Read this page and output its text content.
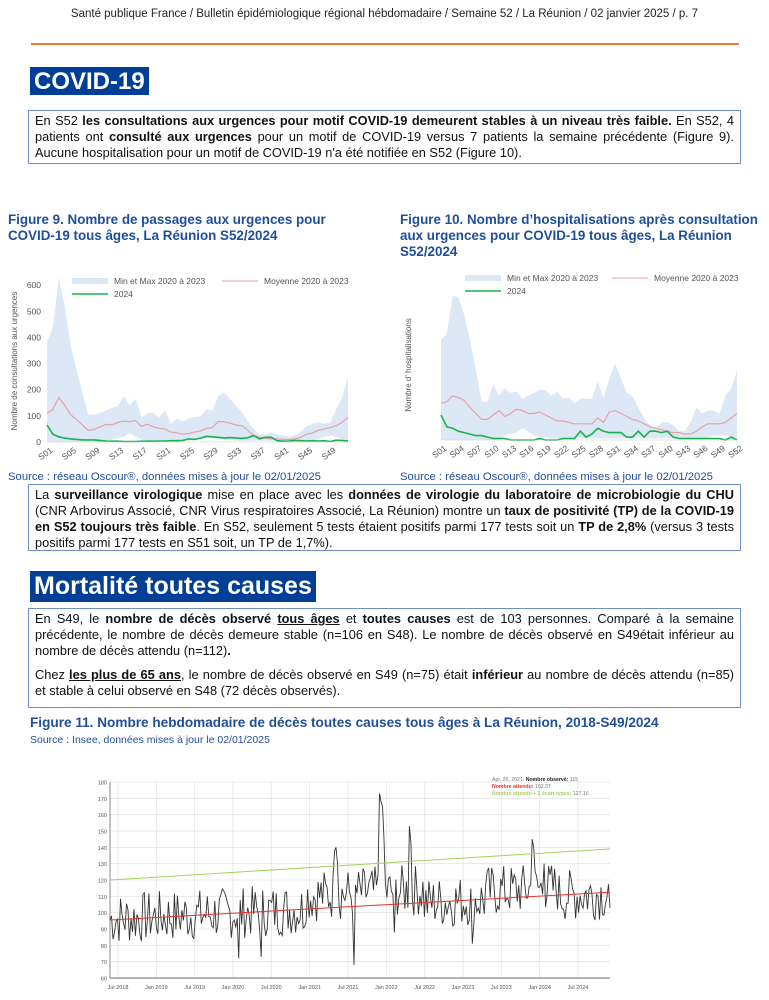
Santé publique France / Bulletin épidémiologique régional hébdomadaire / Semaine 52 / La Réunion / 02 janvier 2025 / p. 7
COVID-19
En S52 les consultations aux urgences pour motif COVID-19 demeurent stables à un niveau très faible. En S52, 4 patients ont consulté aux urgences pour un motif de COVID-19 versus 7 patients la semaine précédente (Figure 9). Aucune hospitalisation pour un motif de COVID-19 n'a été notifiée en S52 (Figure 10).
Figure 9. Nombre de passages aux urgences pour COVID-19 tous âges, La Réunion S52/2024
Figure 10. Nombre d’hospitalisations après consultation aux urgences pour COVID-19 tous âges, La Réunion S52/2024
0
100
200
300
400
500
600
S01 S05 S09 S13 S17 S21 S25 S29 S33 S37 S41 S45 S49
Nombre de consultations aux urgences
Min et Max 2020 à 2023	Moyenne 2020 à 2023
2024
S01 S04 S07 S10 S13 S16 S19 S22 S25 S28 S31 S34 S37 S40 S43 S46 S49 S52
Nombre d' hospitalisations
Min et Max 2020 à 2023	Moyenne 2020 à 2023
2024
Source : réseau Oscour®, données mises à jour le 02/01/2025	Source : réseau Oscour®, données mises à jour le 02/01/2025
La surveillance virologique mise en place avec les données de virologie du laboratoire de microbiologie du CHU (CNR Arbovirus Associé, CNR Virus respiratoires Associé, La Réunion) montre un taux de positivité (TP) de la COVID-19 en S52 toujours très faible. En S52, seulement 5 tests étaient positifs parmi 177 tests soit un TP de 2,8% (versus 3 tests positifs parmi 177 tests en S51 soit, un TP de 1,7%).
Mortalité toutes causes

En S49, le nombre de décès observé tous âges et toutes causes est de 103 personnes. Comparé à la semaine précédente, le nombre de décès demeure stable (n=106 en S48). Le nombre de décès observé en S49était inférieur au nombre de décès attendu (n=112).

Chez les plus de 65 ans, le nombre de décès observé en S49 (n=75) était inférieur au nombre de décès attendu (n=85) et stable à celui observé en S48 (72 décès observés).

Figure 11. Nombre hebdomadaire de décès toutes causes tous âges à La Réunion, 2018-S49/2024
Source : Insee, données mises à jour le 02/01/2025
60
70
80
90
100
110
120
130
140
150
160
170
180
Jul 2018	Jan 2019	Jul 2019	Jan 2020	Jul 2020	Jan 2021	Jul 2021	Jan 2022	Jul 2022	Jan 2023	Jul 2023	Jan 2024	Jul 2024
Apr, 26, 2021: Nombre observé: 115
Nombre attendu: 102.37
Nombre attendu + 2 écart-types: 127.16
